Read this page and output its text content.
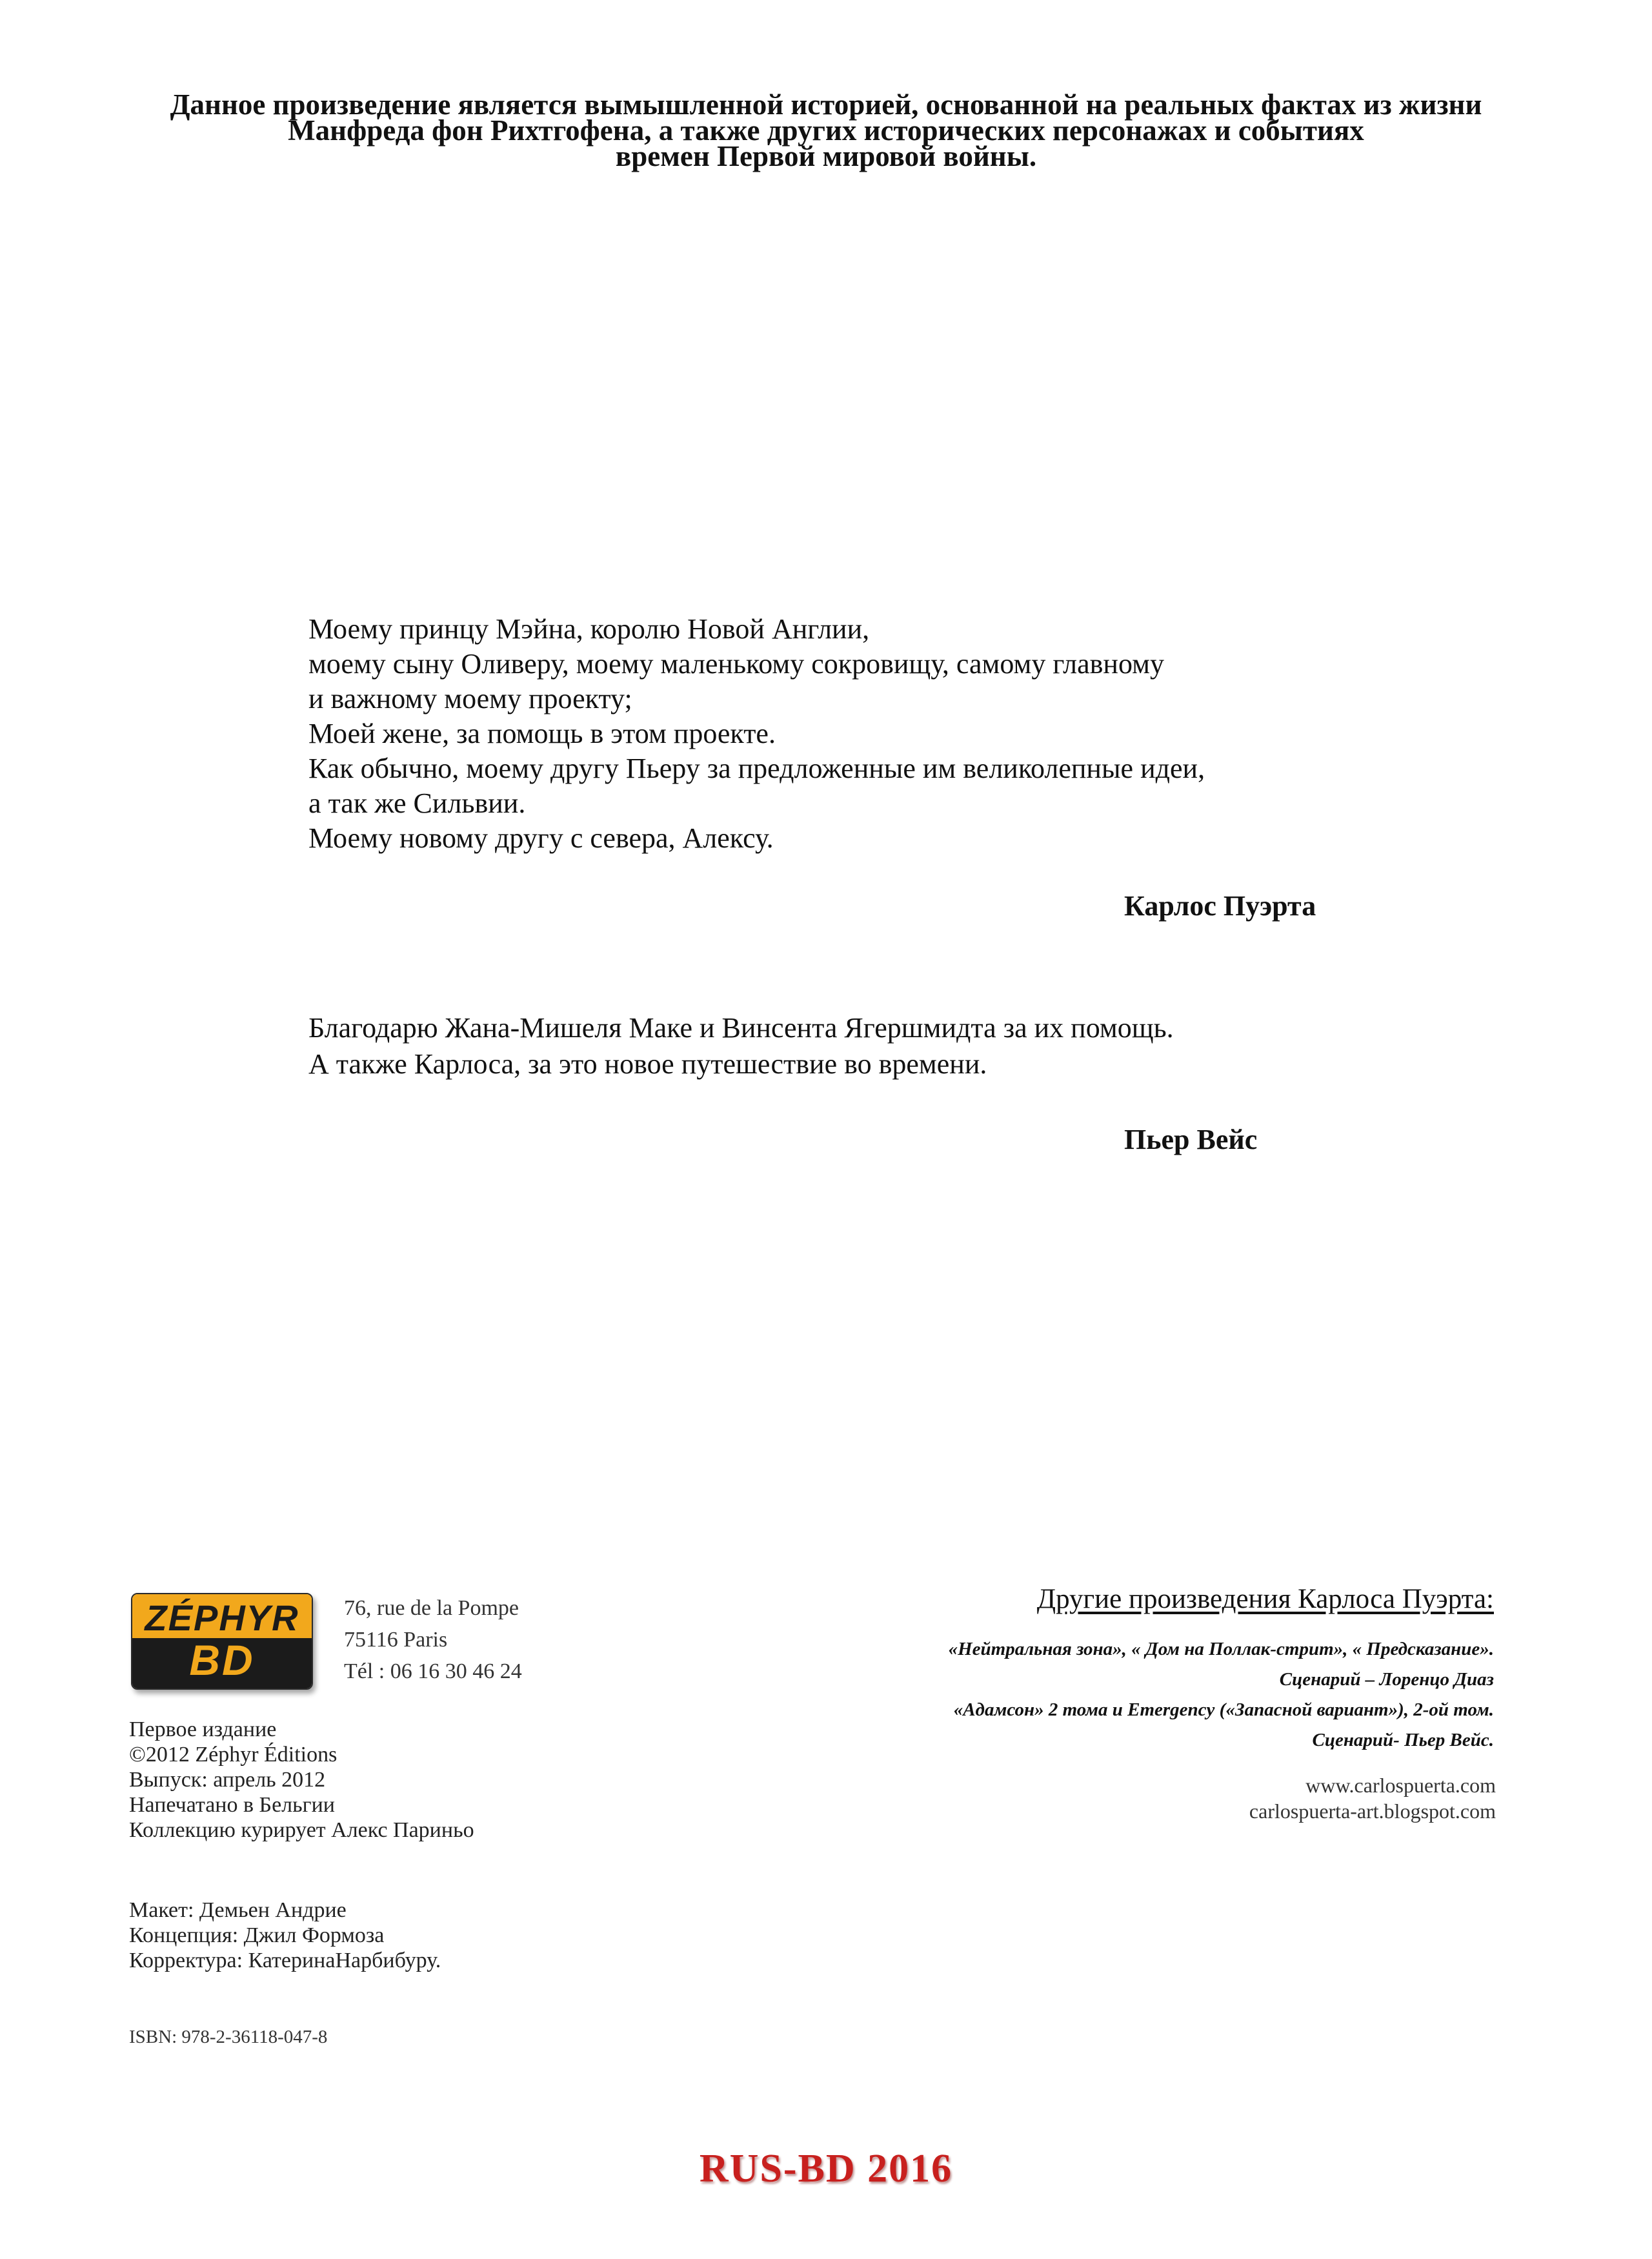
Данное произведение является вымышленной историей, основанной на реальных фактах из жизни
Манфреда фон Рихтгофена, а также других исторических персонажах и событиях
времен Первой мировой войны.
Моему принцу Мэйна, королю Новой Англии,
моему сыну Оливеру, моему маленькому сокровищу, самому главному
и важному моему проекту;
Моей жене, за помощь в этом проекте.
Как обычно, моему другу Пьеру за предложенные им великолепные идеи,
а так же Сильвии.
Моему новому другу с севера, Алексу.
Карлос Пуэрта
Благодарю Жана-Мишеля Маке и Винсента Ягершмидта за их помощь.
А также Карлоса, за это новое путешествие во времени.
Пьер Вейс
ZÉPHYR
BD
76, rue de la Pompe
75116 Paris
Tél : 06 16 30 46 24
Первое издание
©2012 Zéphyr Éditions
Выпуск: апрель 2012
Напечатано в Бельгии
Коллекцию курирует Алекс Париньо
Макет: Демьен Андрие
Концепция: Джил Формоза
Корректура: КатеринаНарбибуру.
ISBN: 978-2-36118-047-8
Другие произведения Карлоса Пуэрта:
«Нейтральная зона», « Дом на Поллак-стрит», « Предсказание».
Сценарий – Лоренцо Диаз
«Адамсон» 2 тома и Emergency («Запасной вариант»), 2-ой том.
Сценарий- Пьер Вейс.
www.carlospuerta.com
carlospuerta-art.blogspot.com
RUS-BD 2016
